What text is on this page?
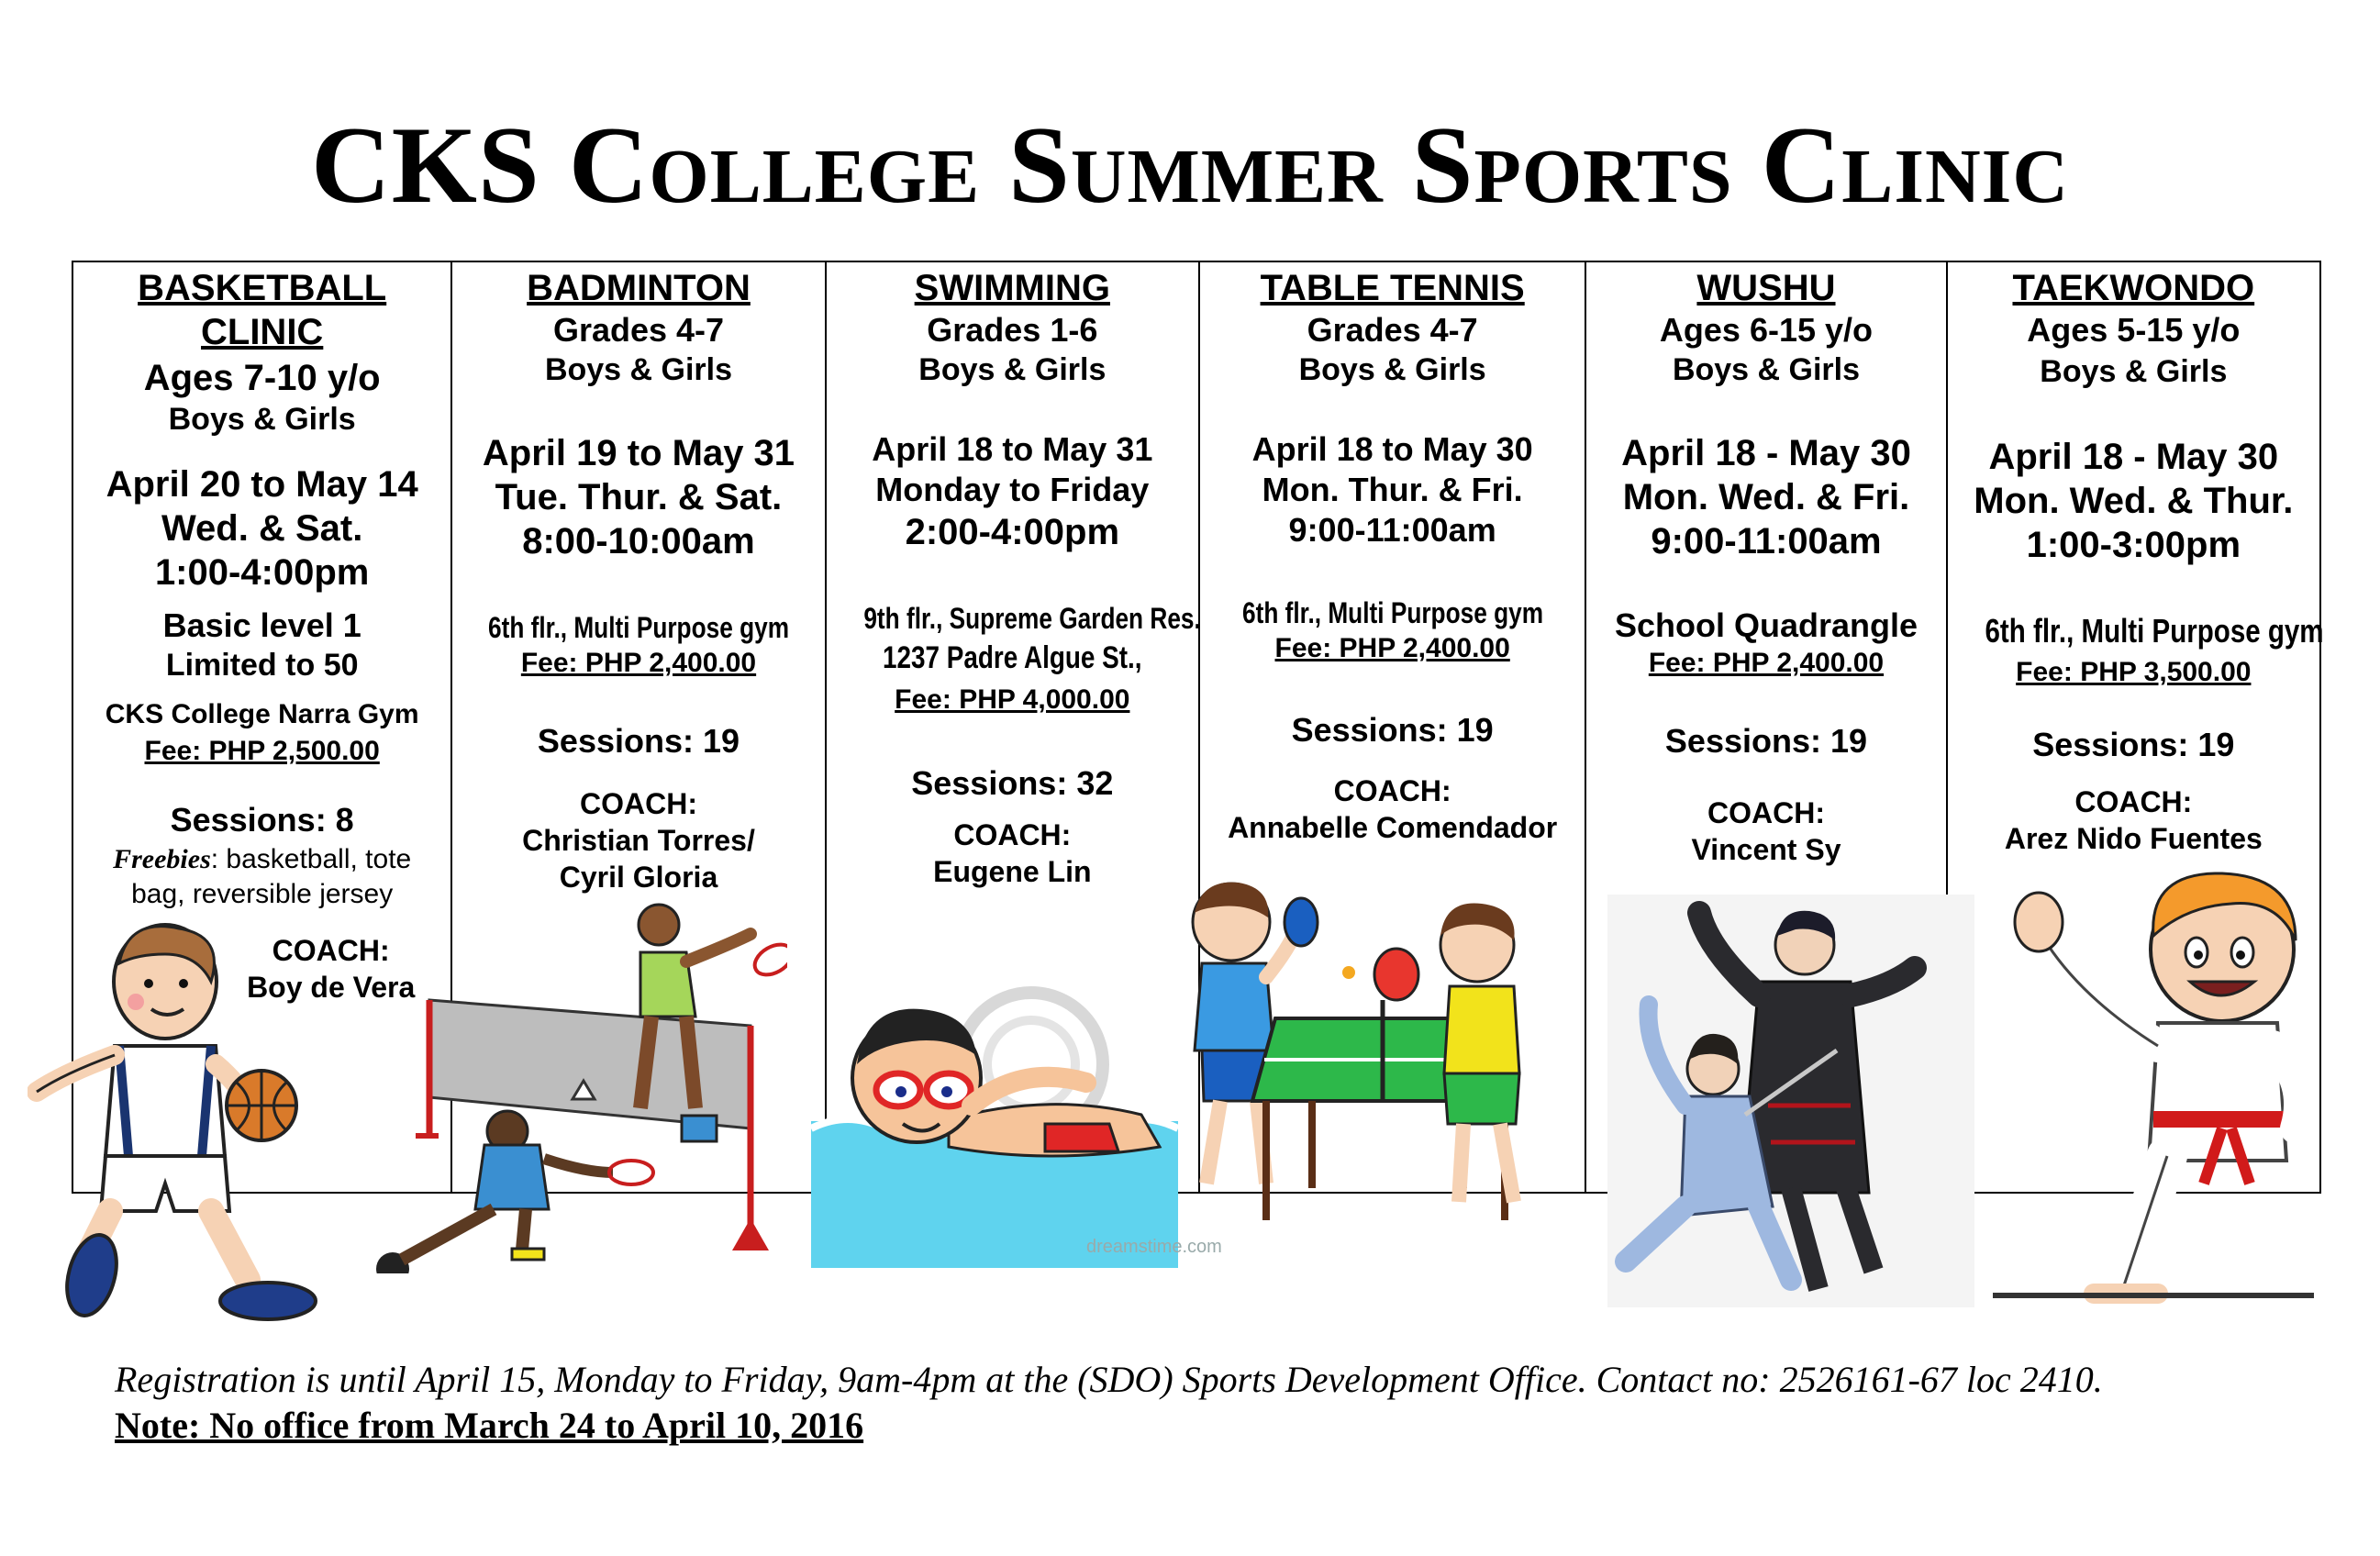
CKS College Summer Sports Clinic
BASKETBALL
CLINIC
Ages 7-10 y/o
Boys & Girls
April 20 to May 14
Wed. & Sat.
1:00-4:00pm
Basic level 1
Limited to 50
CKS College Narra Gym
Fee: PHP 2,500.00
Sessions: 8
Freebies: basketball, tote
bag, reversible jersey
COACH:
Boy de Vera
BADMINTON
Grades 4-7
Boys & Girls
April 19 to May 31
Tue. Thur. & Sat.
8:00-10:00am
6th flr., Multi Purpose gym
Fee: PHP 2,400.00
Sessions: 19
COACH:
Christian Torres/
Cyril Gloria
SWIMMING
Grades 1-6
Boys & Girls
April 18 to May 31
Monday to Friday
2:00-4:00pm
9th flr., Supreme Garden Res.
1237 Padre Algue St.,
Fee: PHP 4,000.00
Sessions: 32
COACH:
Eugene Lin
TABLE TENNIS
Grades 4-7
Boys & Girls
April 18 to May 30
Mon. Thur. & Fri.
9:00-11:00am
6th flr., Multi Purpose gym
Fee: PHP 2,400.00
Sessions: 19
COACH:
Annabelle Comendador
WUSHU
Ages 6-15 y/o
Boys & Girls
April 18 - May 30
Mon. Wed. & Fri.
9:00-11:00am
School Quadrangle
Fee: PHP 2,400.00
Sessions: 19
COACH:
Vincent Sy
TAEKWONDO
Ages 5-15 y/o
Boys & Girls
April 18 - May 30
Mon. Wed. & Thur.
1:00-3:00pm
6th flr., Multi Purpose gym
Fee: PHP 3,500.00
Sessions: 19
COACH:
Arez Nido Fuentes
dreamstime.com
Registration is until April 15, Monday to Friday, 9am-4pm at the (SDO) Sports Development Office. Contact no: 2526161-67 loc 2410.
Note: No office from March 24 to April 10, 2016
